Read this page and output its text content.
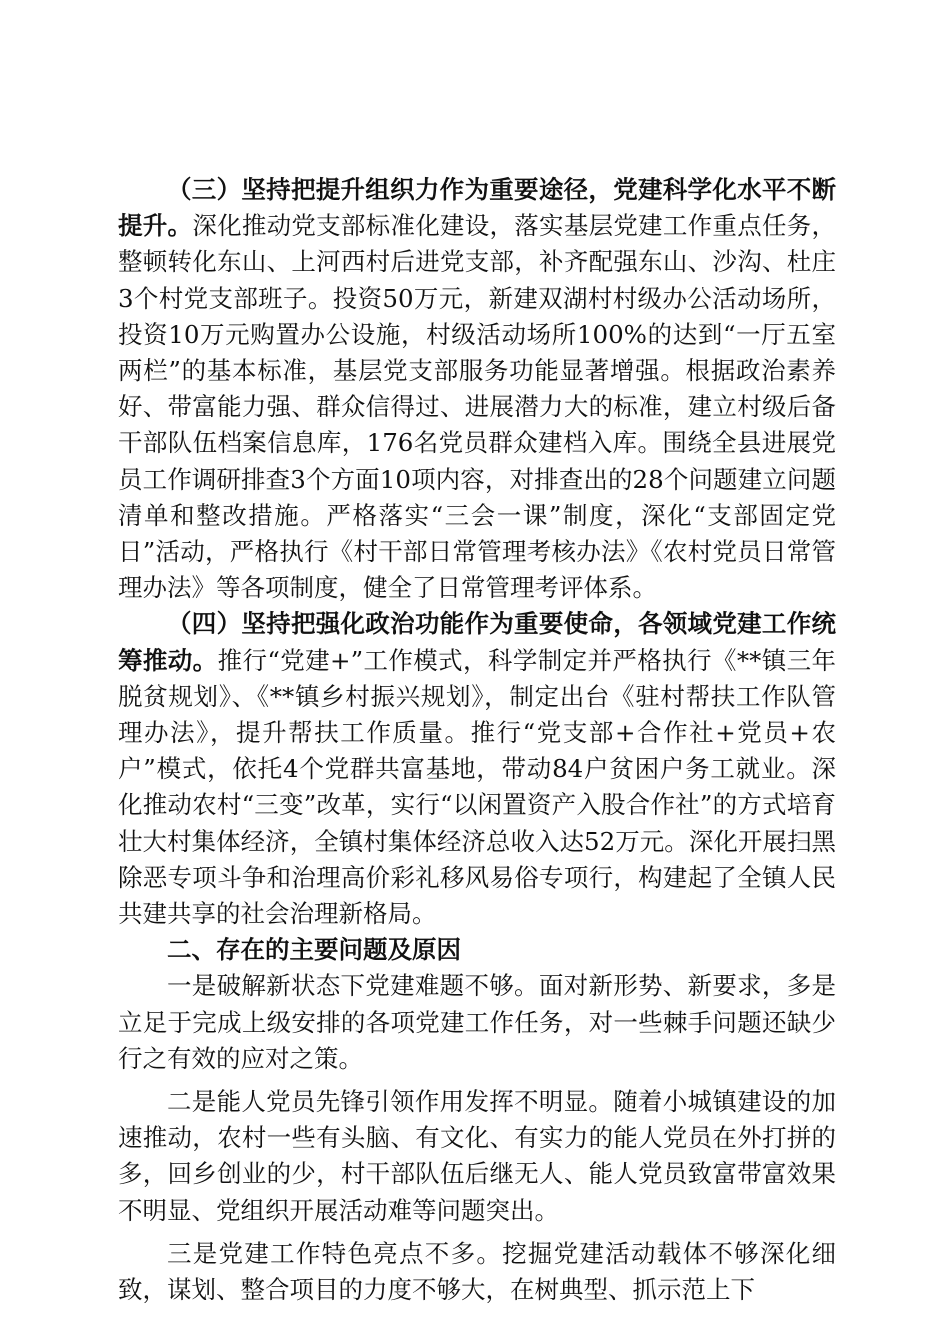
（三）坚持把提升组织力作为重要途径，党建科学化水平不断提升。深化推动党支部标准化建设，落实基层党建工作重点任务，整顿转化东山、上河西村后进党支部，补齐配强东山、沙沟、杜庄3个村党支部班子。投资50万元，新建双湖村村级办公活动场所，投资10万元购置办公设施，村级活动场所100%的达到“一厅五室两栏”的基本标准，基层党支部服务功能显著增强。根据政治素养好、带富能力强、群众信得过、进展潜力大的标准，建立村级后备干部队伍档案信息库，176名党员群众建档入库。围绕全县进展党员工作调研排查3个方面10项内容，对排查出的28个问题建立问题清单和整改措施。严格落实“三会一课”制度，深化“支部固定党日”活动，严格执行《村干部日常管理考核办法》《农村党员日常管理办法》等各项制度，健全了日常管理考评体系。

（四）坚持把强化政治功能作为重要使命，各领域党建工作统筹推动。推行“党建+”工作模式，科学制定并严格执行《**镇三年脱贫规划》、《**镇乡村振兴规划》，制定出台《驻村帮扶工作队管理办法》，提升帮扶工作质量。推行“党支部+合作社+党员+农户”模式，依托4个党群共富基地，带动84户贫困户务工就业。深化推动农村“三变”改革，实行“以闲置资产入股合作社”的方式培育壮大村集体经济，全镇村集体经济总收入达52万元。深化开展扫黑除恶专项斗争和治理高价彩礼移风易俗专项行，构建起了全镇人民共建共享的社会治理新格局。

二、存在的主要问题及原因

一是破解新状态下党建难题不够。面对新形势、新要求，多是立足于完成上级安排的各项党建工作任务，对一些棘手问题还缺少行之有效的应对之策。

二是能人党员先锋引领作用发挥不明显。随着小城镇建设的加速推动，农村一些有头脑、有文化、有实力的能人党员在外打拼的多，回乡创业的少，村干部队伍后继无人、能人党员致富带富效果不明显、党组织开展活动难等问题突出。

三是党建工作特色亮点不多。挖掘党建活动载体不够深化细致，谋划、整合项目的力度不够大，在树典型、抓示范上下
